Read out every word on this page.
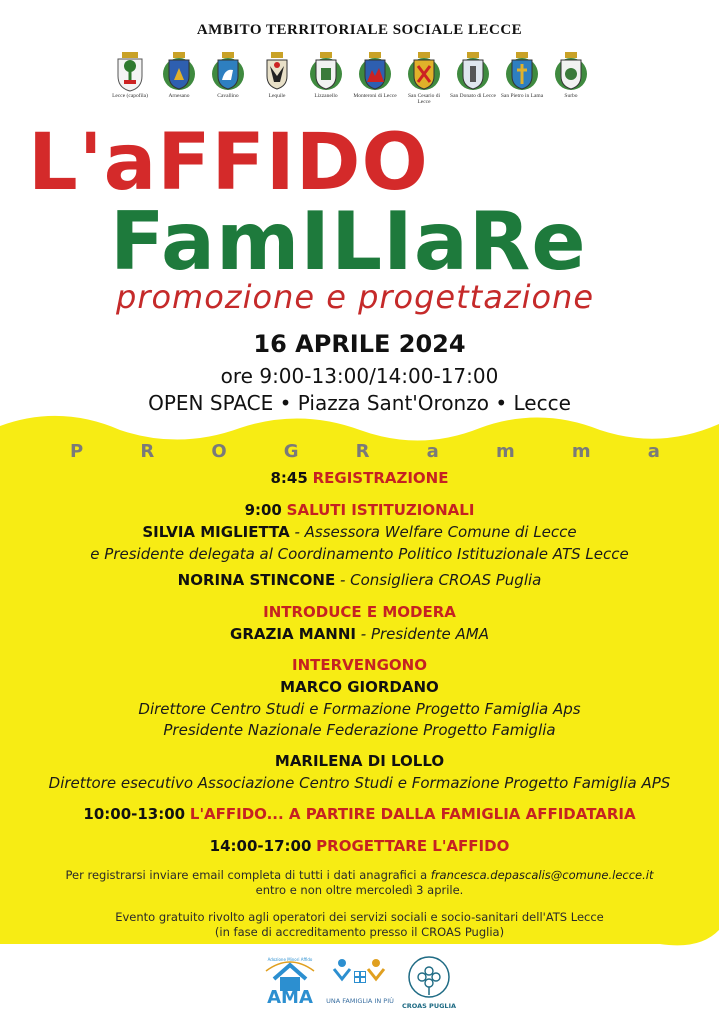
AMBITO TERRITORIALE SOCIALE LECCE
Lecce (capofila)	Arnesano	Cavallino	Lequile	Lizzanello	Monteroni di Lecce	San Cesario di Lecce
San Donato di Lecce San Pietro in Lama	Surbo
L'aFFIDO
FamILIaRe
promozione e progettazione
16 APRILE 2024
ore 9:00-13:00/14:00-17:00
OPEN SPACE • Piazza Sant'Oronzo • Lecce
P	R	O	G	R	a	m	m	a
8:45 REGISTRAZIONE
9:00 SALUTI ISTITUZIONALI
SILVIA MIGLIETTA - Assessora Welfare Comune di Lecce
e Presidente delegata al Coordinamento Politico Istituzionale ATS Lecce
NORINA STINCONE - Consigliera CROAS Puglia
INTRODUCE E MODERA
GRAZIA MANNI - Presidente AMA
INTERVENGONO
MARCO GIORDANO
Direttore Centro Studi e Formazione Progetto Famiglia Aps
Presidente Nazionale Federazione Progetto Famiglia
MARILENA DI LOLLO
Direttore esecutivo Associazione Centro Studi e Formazione Progetto Famiglia APS
10:00-13:00 L'AFFIDO... A PARTIRE DALLA FAMIGLIA AFFIDATARIA
14:00-17:00 PROGETTARE L'AFFIDO
Per registrarsi inviare email completa di tutti i dati anagrafici a francesca.depascalis@comune.lecce.it
entro e non oltre mercoledì 3 aprile.
Evento gratuito rivolto agli operatori dei servizi sociali e socio-sanitari dell'ATS Lecce
(in fase di accreditamento presso il CROAS Puglia)
AMA
Adozione Minori Affido
UNA FAMIGLIA IN PIÙ
CROAS PUGLIA
